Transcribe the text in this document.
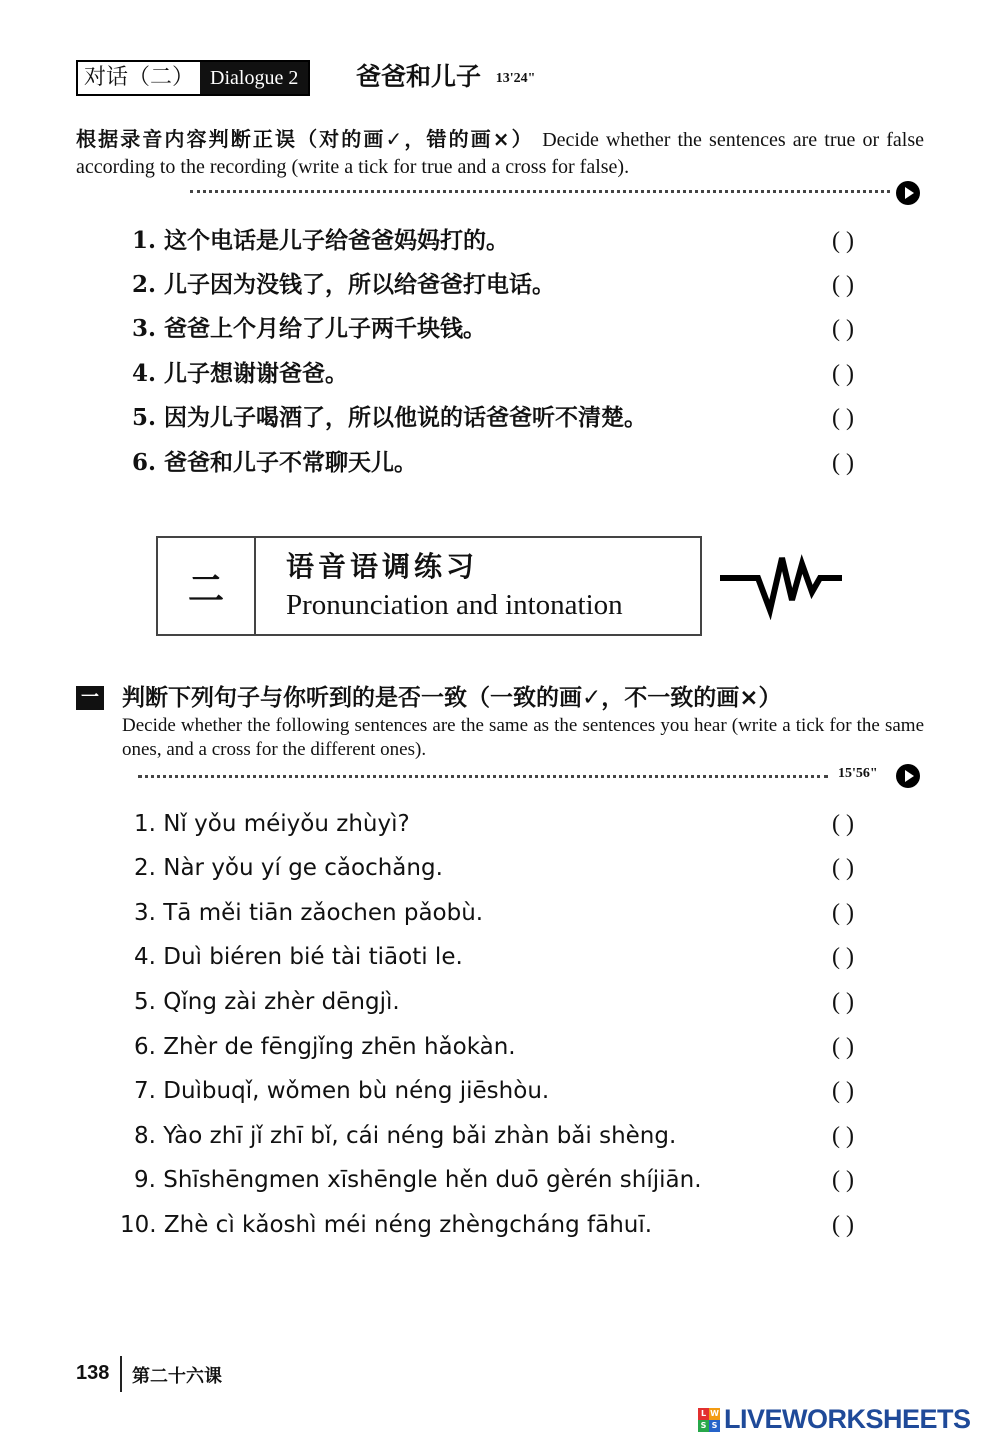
对话（二） Dialogue 2	爸爸和儿子 13'24"
根据录音内容判断正误（对的画✓，错的画×） Decide whether the sentences are true or false according to the recording (write a tick for true and a cross for false).
1. 这个电话是儿子给爸爸妈妈打的。	( )
2. 儿子因为没钱了，所以给爸爸打电话。	( )
3. 爸爸上个月给了儿子两千块钱。	( )
4. 儿子想谢谢爸爸。	( )
5. 因为儿子喝酒了，所以他说的话爸爸听不清楚。	( )
6. 爸爸和儿子不常聊天儿。	( )
二
语音语调练习
Pronunciation and intonation
一 判断下列句子与你听到的是否一致（一致的画✓，不一致的画×）
Decide whether the following sentences are the same as the sentences you hear (write a tick for the same ones, and a cross for the different ones).
15'56"
1. Nǐ yǒu méiyǒu zhùyì?	( )
2. Nàr yǒu yí ge cǎochǎng.	( )
3. Tā měi tiān zǎochen pǎobù.	( )
4. Duì biéren bié tài tiāoti le.	( )
5. Qǐng zài zhèr dēngjì.	( )
6. Zhèr de fēngjǐng zhēn hǎokàn.	( )
7. Duìbuqǐ, wǒmen bù néng jiēshòu.	( )
8. Yào zhī jǐ zhī bǐ, cái néng bǎi zhàn bǎi shèng.	( )
9. Shīshēngmen xīshēngle hěn duō gèrén shíjiān.	( )
10. Zhè cì kǎoshì méi néng zhèngcháng fāhuī.	( )
138 第二十六课
L W
S S LIVEWORKSHEETS
